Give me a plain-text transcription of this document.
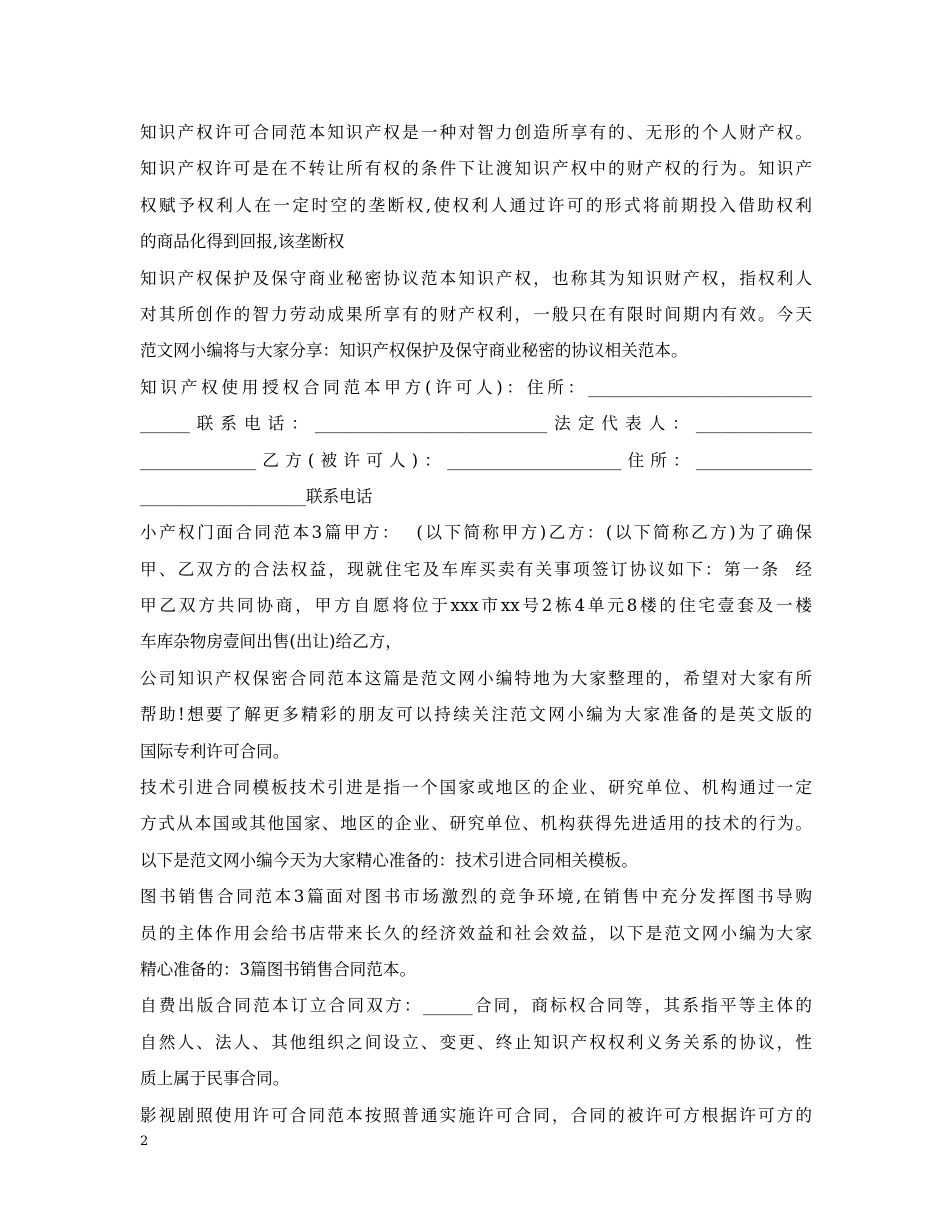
知识产权许可合同范本知识产权是一种对智力创造所享有的、无形的个人财产权。
知识产权许可是在不转让所有权的条件下让渡知识产权中的财产权的行为。知识产
权赋予权利人在一定时空的垄断权,使权利人通过许可的形式将前期投入借助权利
的商品化得到回报,该垄断权
知识产权保护及保守商业秘密协议范本知识产权，也称其为知识财产权，指权利人
对其所创作的智力劳动成果所享有的财产权利，一般只在有限时间期内有效。今天
范文网小编将与大家分享：知识产权保护及保守商业秘密的协议相关范本。
知识产权使用授权合同范本甲方(许可人)：住所：___________________________
______联系电话：____________________________法定代表人：______________
______________乙方(被许可人)：_____________________住所：______________
____________________联系电话
小产权门面合同范本3篇甲方：  (以下简称甲方)乙方：(以下简称乙方)为了确保
甲、乙双方的合法权益，现就住宅及车库买卖有关事项签订协议如下：第一条  经
甲乙双方共同协商，甲方自愿将位于xxx市xx号2栋4单元8楼的住宅壹套及一楼
车库杂物房壹间出售(出让)给乙方，
公司知识产权保密合同范本这篇是范文网小编特地为大家整理的，希望对大家有所
帮助!想要了解更多精彩的朋友可以持续关注范文网小编为大家准备的是英文版的
国际专利许可合同。
技术引进合同模板技术引进是指一个国家或地区的企业、研究单位、机构通过一定
方式从本国或其他国家、地区的企业、研究单位、机构获得先进适用的技术的行为。
以下是范文网小编今天为大家精心准备的：技术引进合同相关模板。
图书销售合同范本3篇面对图书市场激烈的竞争环境,在销售中充分发挥图书导购
员的主体作用会给书店带来长久的经济效益和社会效益，以下是范文网小编为大家
精心准备的：3篇图书销售合同范本。
自费出版合同范本订立合同双方：______合同，商标权合同等，其系指平等主体的
自然人、法人、其他组织之间设立、变更、终止知识产权权利义务关系的协议，性
质上属于民事合同。
影视剧照使用许可合同范本按照普通实施许可合同，合同的被许可方根据许可方的
2
